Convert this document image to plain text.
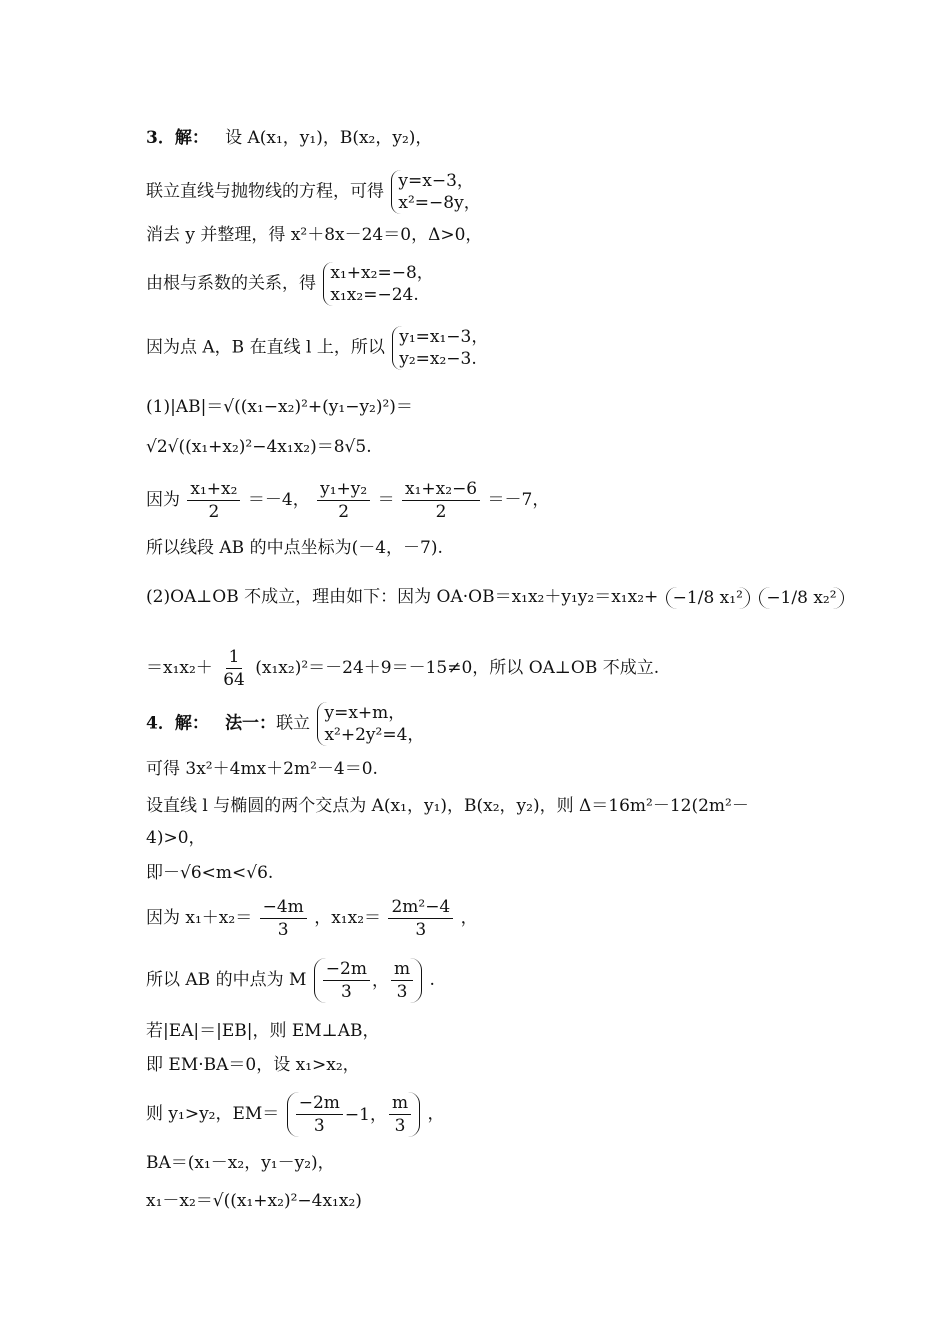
3．解： 设 A(x₁，y₁)，B(x₂，y₂)，
联立直线与抛物线的方程，可得 y=x−3，
x²=−8y，
消去 y 并整理，得 x²＋8x－24＝0，Δ>0，
由根与系数的关系，得 x₁+x₂=−8，
x₁x₂=−24.
因为点 A，B 在直线 l 上，所以 y₁=x₁−3，
y₂=x₂−3.
(1)|AB|＝√((x₁−x₂)²+(y₁−y₂)²)＝
√2√((x₁+x₂)²−4x₁x₂)＝8√5.
因为 $\frac{\text{x₁+x₂}}{2} =-4$， $\frac{\text{y₁+y₂}}{2} = \frac{\text{x₁+x₂−6}}{2} =-7$，
所以线段 AB 的中点坐标为(－4，－7).
(2)OA⊥OB 不成立，理由如下：因为 OA·OB＝x₁x₂＋y₁y₂＝x₁x₂+ −1/8 x₁² −1/8 x₂²
$=x_1x_2+ \frac{1}{64} (x_1x_2)^2=-24+9=-15\ne 0$，所以 OA⊥OB 不成立.
4．解： 法一：联立 y=x+m，
x²+2y²=4，
可得 3x²＋4mx＋2m²－4＝0.
设直线 l 与椭圆的两个交点为 A(x₁，y₁)，B(x₂，y₂)，则 Δ＝16m²－12(2m²－
4)>0，
即－√6<m<√6.
因为 $x_1+x_2= \frac{-4m}{3}$ ，$x_1x_2= \frac{\text{2m²−4}}{3}$ ，
所以 AB 的中点为 M $\frac{-2m}{3}$ ， $\frac{m}{3}$ .
若|EA|＝|EB|，则 EM⊥AB，
即 EM·BA＝0，设 x₁>x₂，
则 y₁>y₂，$EM= \frac{-2m}{3} -1$， $\frac{m}{3}$ ，
BA＝(x₁－x₂，y₁－y₂)，
x₁－x₂＝√((x₁+x₂)²−4x₁x₂)
